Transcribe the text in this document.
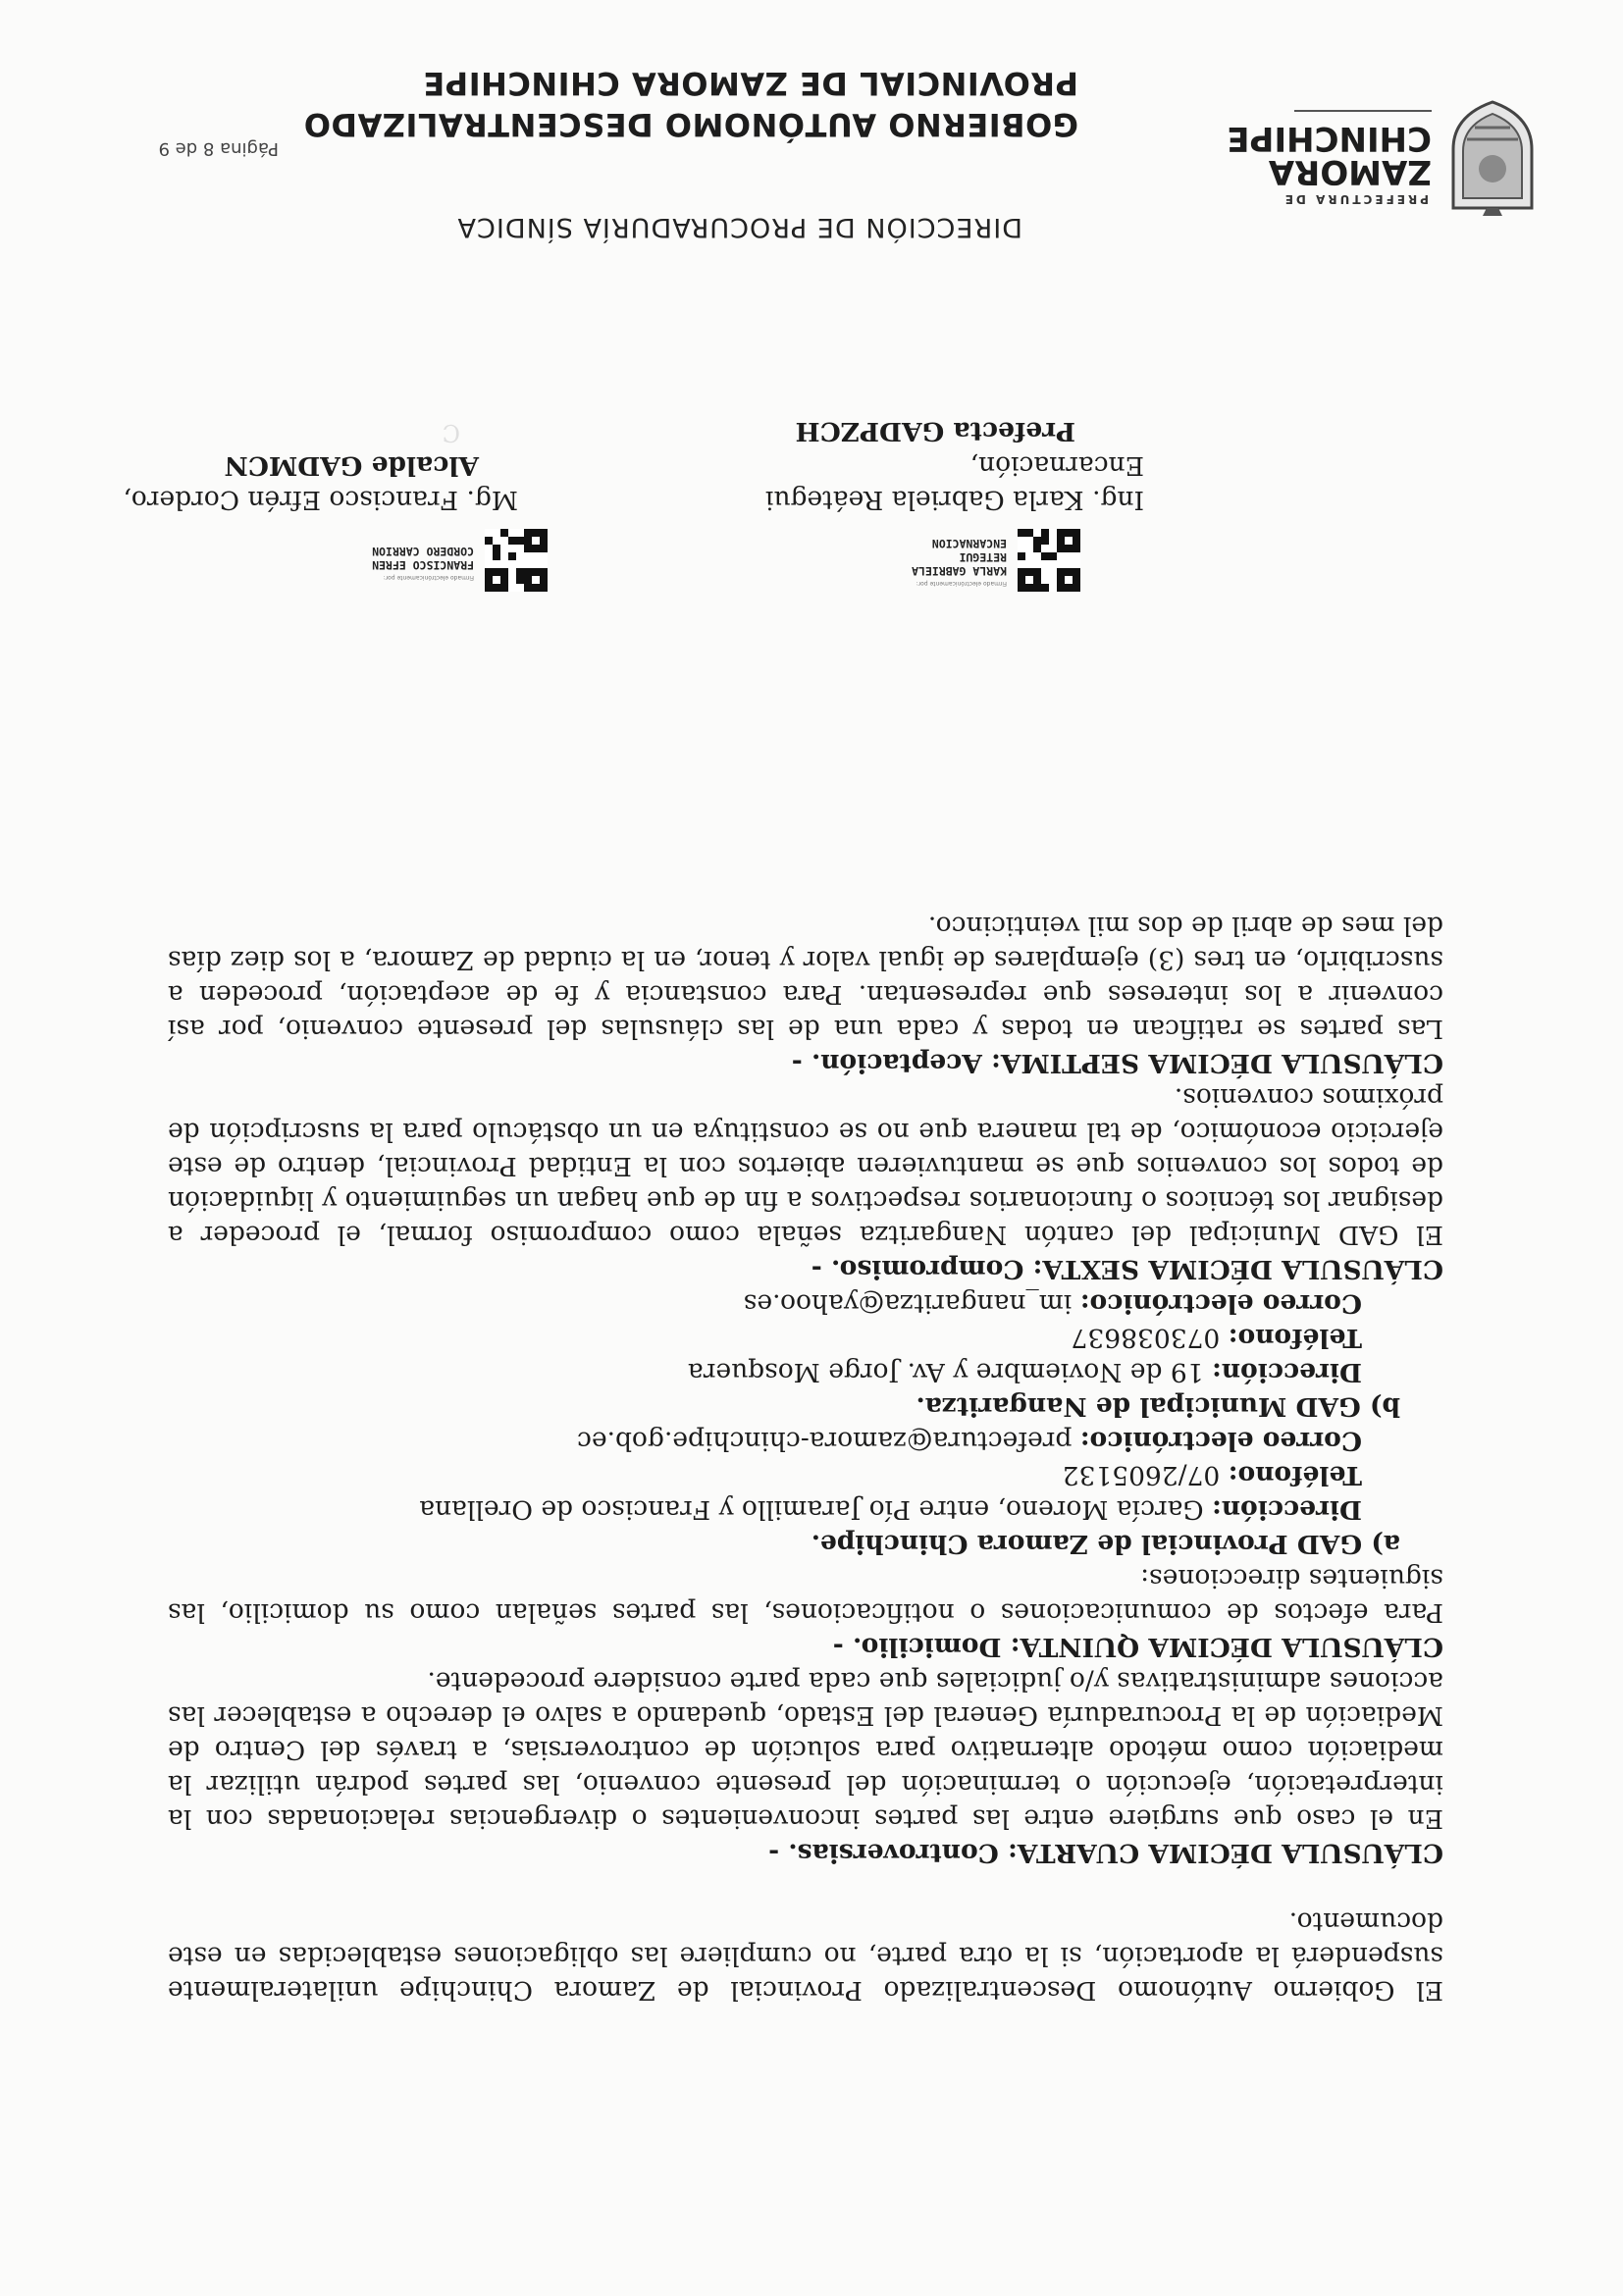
C
PREFECTURA DE
ZAMORA CHINCHIPE
GOBIERNO AUTÓNOMO DESCENTRALIZADO PROVINCIAL DE ZAMORA CHINCHIPE
DIRECCIÓN DE PROCURADURÍA SÍNDICA

El Gobierno Autónomo Descentralizado Provincial de Zamora Chinchipe unilateralmente suspenderá la aportación, si la otra parte, no cumpliere las obligaciones establecidas en este documento.

CLÁUSULA DÉCIMA CUARTA: Controversias. -

En el caso que surgiere entre las partes inconvenientes o divergencias relacionadas con la interpretación, ejecución o terminación del presente convenio, las partes podrán utilizar la mediación como método alternativo para solución de controversias, a través del Centro de Mediación de la Procuraduría General del Estado, quedando a salvo el derecho a establecer las acciones administrativas y/o judiciales que cada parte considere procedente.

CLÁUSULA DÉCIMA QUINTA: Domicilio. -

Para efectos de comunicaciones o notificaciones, las partes señalan como su domicilio, las siguientes direcciones:

a) GAD Provincial de Zamora Chinchipe.

Dirección: García Moreno, entre Pío Jaramillo y Francisco de Orellana

Teléfono: 07/2605132

Correo electrónico: prefectura@zamora-chinchipe.gob.ec

b) GAD Municipal de Nangaritza.

Dirección: 19 de Noviembre y Av. Jorge Mosquera

Teléfono: 073038637

Correo electrónico: im_nangaritza@yahoo.es

CLÁUSULA DÉCIMA SEXTA: Compromiso. -

El GAD Municipal del cantón Nangaritza señala como compromiso formal, el proceder a designar los técnicos o funcionarios respectivos a fin de que hagan un seguimiento y liquidación de todos los convenios que se mantuvieren abiertos con la Entidad Provincial, dentro de este ejercicio económico, de tal manera que no se constituya en un obstáculo para la suscripción de próximos convenios.

CLÁUSULA DÉCIMA SEPTIMA: Aceptación. -

Las partes se ratifican en todas y cada una de las cláusulas del presente convenio, por así convenir a los intereses que representan. Para constancia y fe de aceptación, proceden a suscribirlo, en tres (3) ejemplares de igual valor y tenor, en la ciudad de Zamora, a los diez días del mes de abril de dos mil veinticinco.

Firmado electrónicamente por:
KARLA GABRIELA
RETEGUI
ENCARNACION
Firmado electrónicamente por:
FRANCISCO EFREN
CORDERO CARRION
Ing. Karla Gabriela Reátegui Encarnación,
Prefecta GADPZCH
Mg. Francisco Efrén Cordero,
Alcalde GADMCN
Página 8 de 9
